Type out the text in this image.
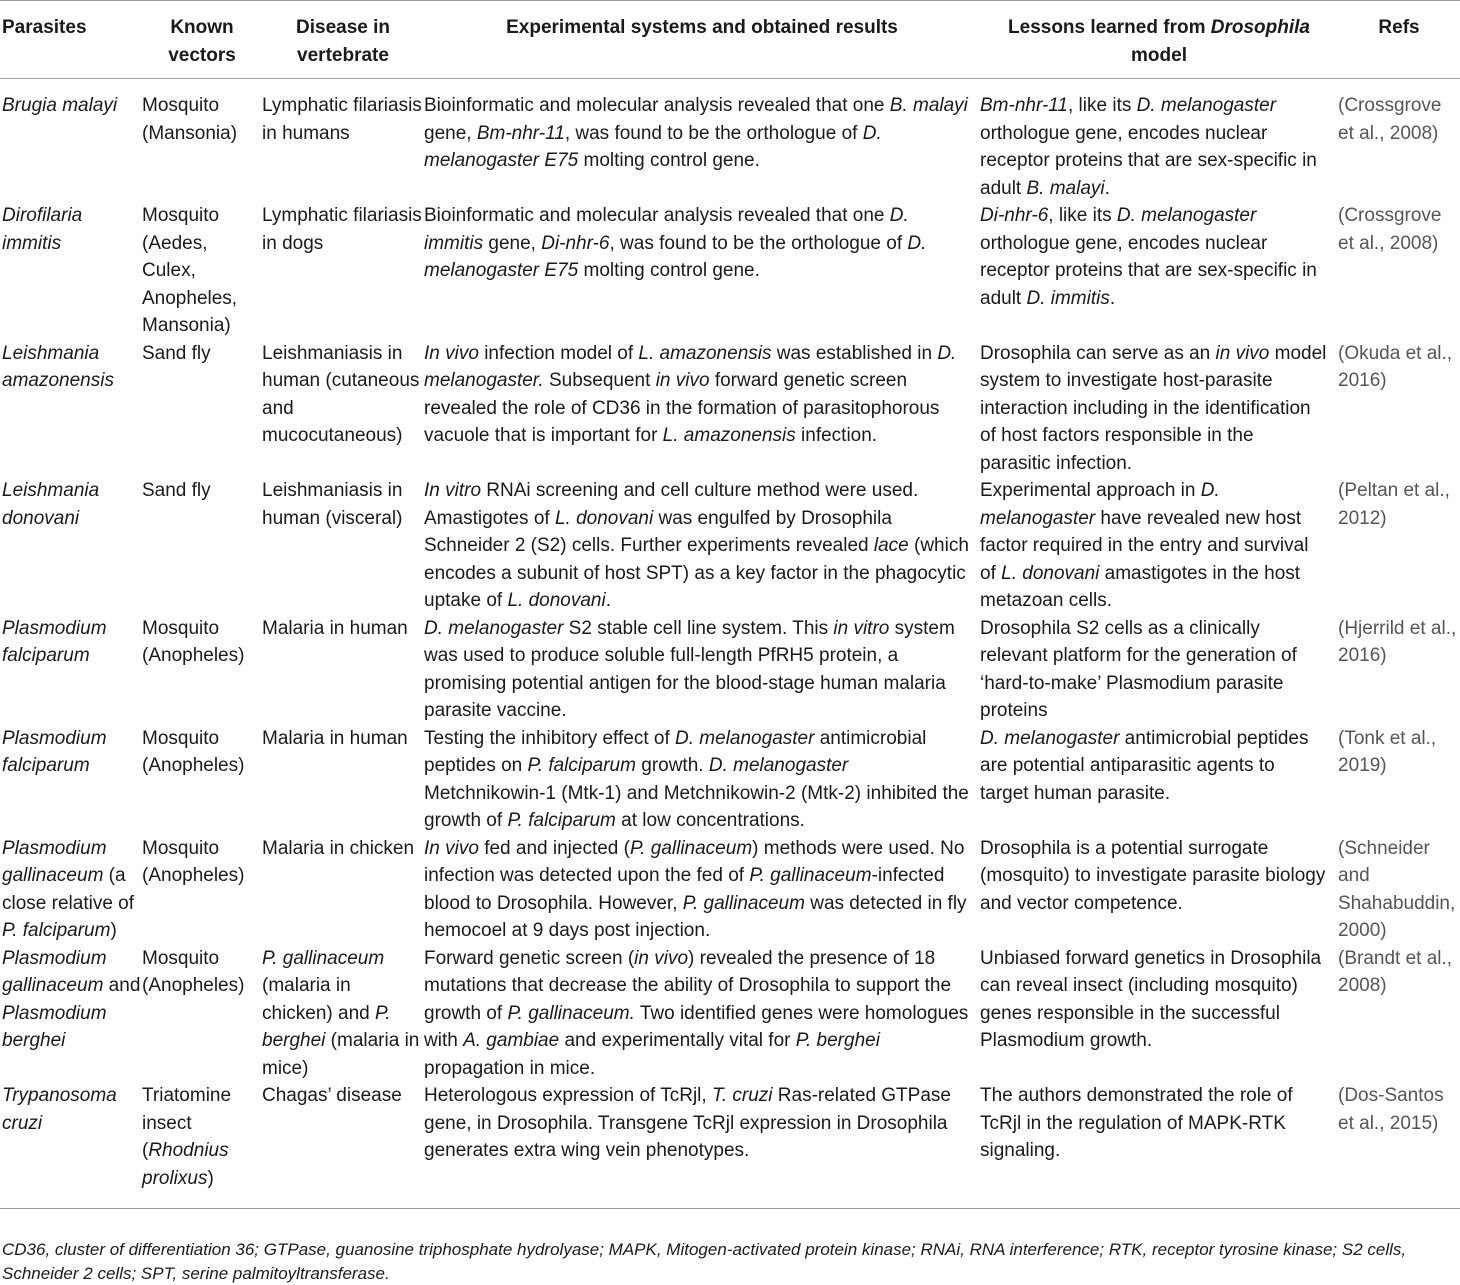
Parasites	Known vectors	Disease in vertebrate	Experimental systems and obtained results	Lessons learned from Drosophila model	Refs
Brugia malayi	Mosquito (Mansonia)	Lymphatic filariasis in humans	Bioinformatic and molecular analysis revealed that one B. malayi gene, Bm-nhr-11, was found to be the orthologue of D. melanogaster E75 molting control gene.	Bm-nhr-11, like its D. melanogaster orthologue gene, encodes nuclear receptor proteins that are sex-specific in adult B. malayi.	(Crossgrove et al., 2008)
Dirofilaria immitis	Mosquito (Aedes, Culex, Anopheles, Mansonia)	Lymphatic filariasis in dogs	Bioinformatic and molecular analysis revealed that one D. immitis gene, Di-nhr-6, was found to be the orthologue of D. melanogaster E75 molting control gene.	Di-nhr-6, like its D. melanogaster orthologue gene, encodes nuclear receptor proteins that are sex-specific in adult D. immitis.	(Crossgrove et al., 2008)
Leishmania amazonensis	Sand fly	Leishmaniasis in human (cutaneous and mucocutaneous)	In vivo infection model of L. amazonensis was established in D. melanogaster. Subsequent in vivo forward genetic screen revealed the role of CD36 in the formation of parasitophorous vacuole that is important for L. amazonensis infection.	Drosophila can serve as an in vivo model system to investigate host-parasite interaction including in the identification of host factors responsible in the parasitic infection.	(Okuda et al., 2016)
Leishmania donovani	Sand fly	Leishmaniasis in human (visceral)	In vitro RNAi screening and cell culture method were used. Amastigotes of L. donovani was engulfed by Drosophila Schneider 2 (S2) cells. Further experiments revealed lace (which encodes a subunit of host SPT) as a key factor in the phagocytic uptake of L. donovani.	Experimental approach in D. melanogaster have revealed new host factor required in the entry and survival of L. donovani amastigotes in the host metazoan cells.	(Peltan et al., 2012)
Plasmodium falciparum	Mosquito (Anopheles)	Malaria in human	D. melanogaster S2 stable cell line system. This in vitro system was used to produce soluble full-length PfRH5 protein, a promising potential antigen for the blood-stage human malaria parasite vaccine.	Drosophila S2 cells as a clinically relevant platform for the generation of ‘hard-to-make’ Plasmodium parasite proteins	(Hjerrild et al., 2016)
Plasmodium falciparum	Mosquito (Anopheles)	Malaria in human	Testing the inhibitory effect of D. melanogaster antimicrobial peptides on P. falciparum growth. D. melanogaster Metchnikowin-1 (Mtk-1) and Metchnikowin-2 (Mtk-2) inhibited the growth of P. falciparum at low concentrations.	D. melanogaster antimicrobial peptides are potential antiparasitic agents to target human parasite.	(Tonk et al., 2019)
Plasmodium gallinaceum (a close relative of P. falciparum)	Mosquito (Anopheles)	Malaria in chicken	In vivo fed and injected (P. gallinaceum) methods were used. No infection was detected upon the fed of P. gallinaceum-infected blood to Drosophila. However, P. gallinaceum was detected in fly hemocoel at 9 days post injection.	Drosophila is a potential surrogate (mosquito) to investigate parasite biology and vector competence.	(Schneider and Shahabuddin, 2000)
Plasmodium gallinaceum and Plasmodium berghei	Mosquito (Anopheles)	P. gallinaceum (malaria in chicken) and P. berghei (malaria in mice)	Forward genetic screen (in vivo) revealed the presence of 18 mutations that decrease the ability of Drosophila to support the growth of P. gallinaceum. Two identified genes were homologues with A. gambiae and experimentally vital for P. berghei propagation in mice.	Unbiased forward genetics in Drosophila can reveal insect (including mosquito) genes responsible in the successful Plasmodium growth.	(Brandt et al., 2008)
Trypanosoma cruzi	Triatomine insect (Rhodnius prolixus)	Chagas’ disease	Heterologous expression of TcRjl, T. cruzi Ras-related GTPase gene, in Drosophila. Transgene TcRjl expression in Drosophila generates extra wing vein phenotypes.	The authors demonstrated the role of TcRjl in the regulation of MAPK-RTK signaling.	(Dos-Santos et al., 2015)
CD36, cluster of differentiation 36; GTPase, guanosine triphosphate hydrolyase; MAPK, Mitogen-activated protein kinase; RNAi, RNA interference; RTK, receptor tyrosine kinase; S2 cells, Schneider 2 cells; SPT, serine palmitoyltransferase.
